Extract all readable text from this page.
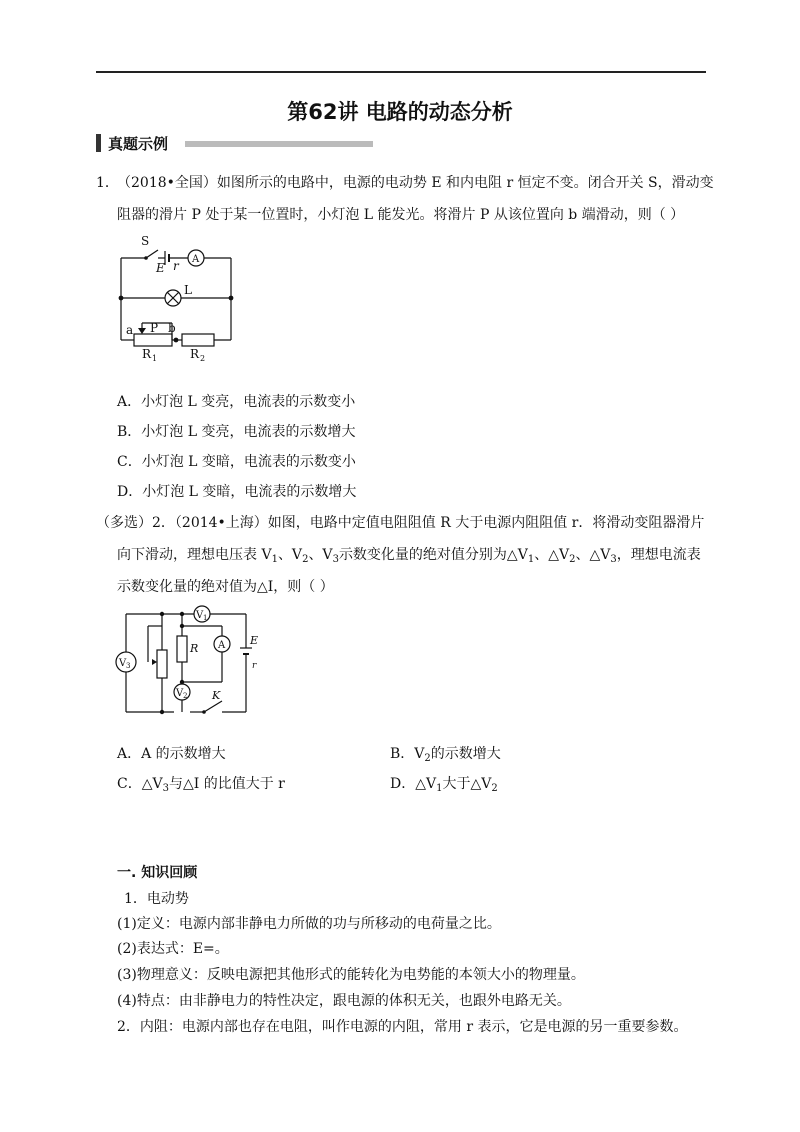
第62讲 电路的动态分析
真题示例
1．
（2018•全国）如图所示的电路中，电源的电动势 E 和内电阻 r 恒定不变。闭合开关 S，滑动变
阻器的滑片 P 处于某一位置时，小灯泡 L 能发光。将滑片 P 从该位置向 b 端滑动，则（ ）
S
E r A
L
P
a	b
R 1	R 2
A．小灯泡 L 变亮，电流表的示数变小
B．小灯泡 L 变亮，电流表的示数增大
C．小灯泡 L 变暗，电流表的示数变小
D．小灯泡 L 变暗，电流表的示数增大
（多选）2．（2014•上海）如图，电路中定值电阻阻值 R 大于电源内阻阻值 r．将滑动变阻器滑片
向下滑动，理想电压表 $V_1$、$V_2$、$V_3$示数变化量的绝对值分别为$\triangle V_1$、$\triangle V_2$、$\triangle V_3$，理想电流表
示数变化量的绝对值为△I，则（ ）
V 1
V 3
V 2
A
R
E
r
K
A．A 的示数增大	B．$V_2$的示数增大
C．$\triangle V_3$与△I 的比值大于 r	D．$\triangle V_1$大于$\triangle V_2$
一. 知识回顾
1．电动势
(1)定义：电源内部非静电力所做的功与所移动的电荷量之比。
(2)表达式：E=。
(3)物理意义：反映电源把其他形式的能转化为电势能的本领大小的物理量。
(4)特点：由非静电力的特性决定，跟电源的体积无关，也跟外电路无关。
2．内阻：电源内部也存在电阻，叫作电源的内阻，常用 r 表示，它是电源的另一重要参数。
